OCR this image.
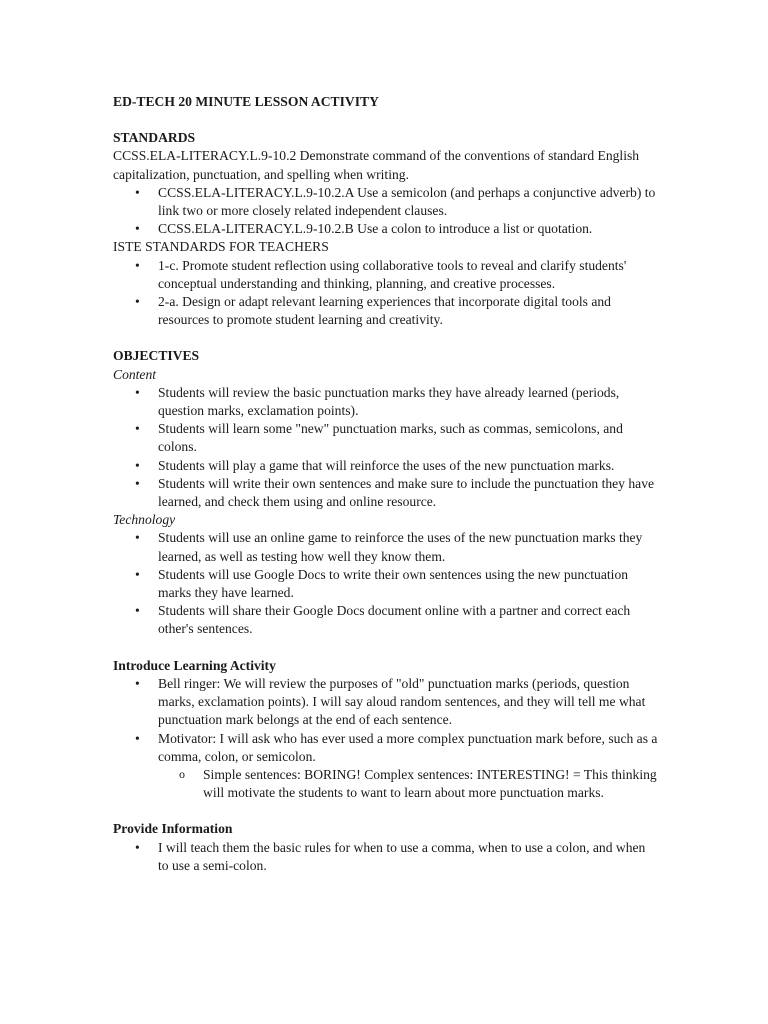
ED-TECH 20 MINUTE LESSON ACTIVITY
STANDARDS
CCSS.ELA-LITERACY.L.9-10.2 Demonstrate command of the conventions of standard English capitalization, punctuation, and spelling when writing.
• CCSS.ELA-LITERACY.L.9-10.2.A Use a semicolon (and perhaps a conjunctive adverb) to link two or more closely related independent clauses.
• CCSS.ELA-LITERACY.L.9-10.2.B Use a colon to introduce a list or quotation.
ISTE STANDARDS FOR TEACHERS
• 1-c. Promote student reflection using collaborative tools to reveal and clarify students' conceptual understanding and thinking, planning, and creative processes.
• 2-a. Design or adapt relevant learning experiences that incorporate digital tools and resources to promote student learning and creativity.
OBJECTIVES
Content
• Students will review the basic punctuation marks they have already learned (periods, question marks, exclamation points).
• Students will learn some "new" punctuation marks, such as commas, semicolons, and colons.
• Students will play a game that will reinforce the uses of the new punctuation marks.
• Students will write their own sentences and make sure to include the punctuation they have learned, and check them using and online resource.
Technology
• Students will use an online game to reinforce the uses of the new punctuation marks they learned, as well as testing how well they know them.
• Students will use Google Docs to write their own sentences using the new punctuation marks they have learned.
• Students will share their Google Docs document online with a partner and correct each other's sentences.
Introduce Learning Activity
• Bell ringer: We will review the purposes of "old" punctuation marks (periods, question marks, exclamation points). I will say aloud random sentences, and they will tell me what punctuation mark belongs at the end of each sentence.
• Motivator: I will ask who has ever used a more complex punctuation mark before, such as a comma, colon, or semicolon.
o Simple sentences: BORING! Complex sentences: INTERESTING! = This thinking will motivate the students to want to learn about more punctuation marks.
Provide Information
• I will teach them the basic rules for when to use a comma, when to use a colon, and when to use a semi-colon.
